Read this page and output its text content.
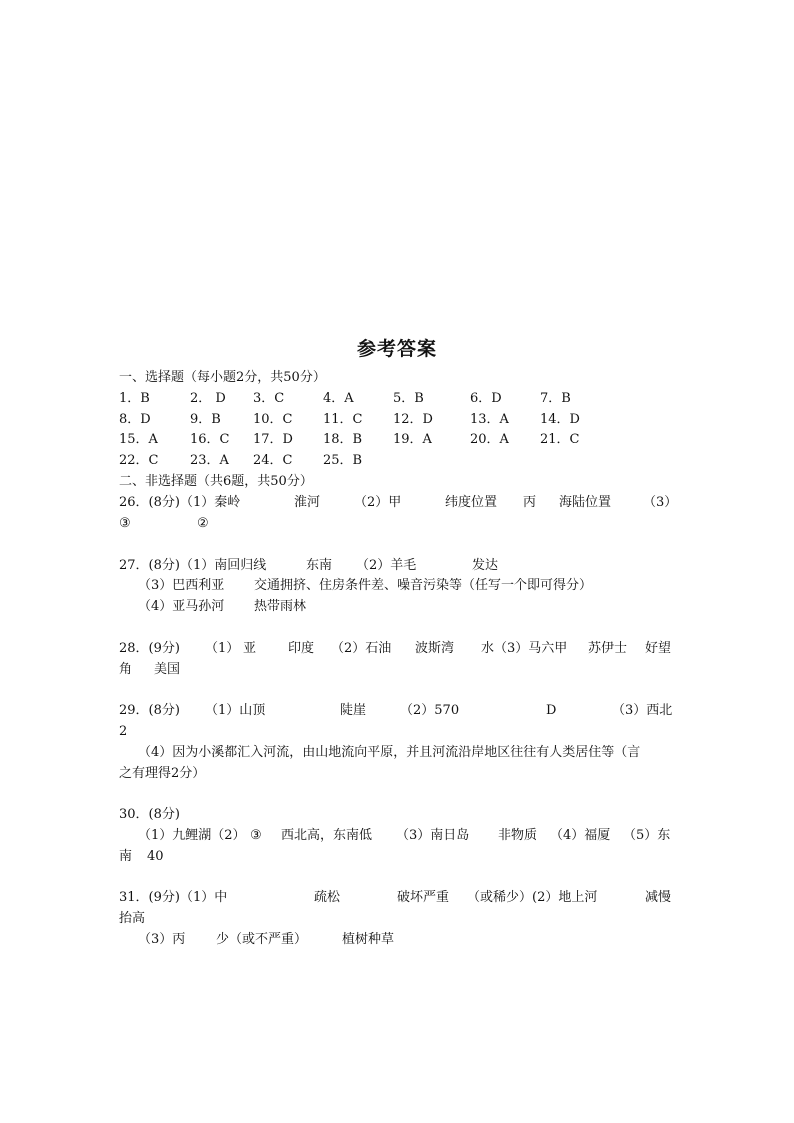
参考答案
一、选择题（每小题2分，共50分）
1．B	2． D 3．C	4．A	5．B	6．D	7．B
8．D	9．B 10．C 11．C 12．D	13．A 14．D
15．A 16．C 17．D 18．B 19．A	20．A 21．C
22．C 23．A 24．C 25．B
二、非选择题（共6题，共50分）
26．(8分)（1）秦岭	淮河	（2）甲	纬度位置 丙 海陆位置 （3）
③	②
27．(8分)（1）南回归线	东南 （2）羊毛	发达
（3）巴西利亚 交通拥挤、住房条件差、噪音污染等（任写一个即可得分）
（4）亚马孙河 热带雨林
28．(9分) （1） 亚 印度 （2）石油 波斯湾 水（3）马六甲 苏伊士 好望
角 美国
29．(8分) （1）山顶	陡崖	（2）570	D	（3）西北
2
（4）因为小溪都汇入河流，由山地流向平原，并且河流沿岸地区往往有人类居住等（言
之有理得2分）
30．(8分)
（1）九鲤湖（2） ③ 西北高，东南低 （3）南日岛 非物质 （4）福厦 （5）东
南 40
31．(9分)（1）中	疏松	破坏严重 （或稀少）(2）地上河	减慢
抬高
（3）丙 少（或不严重）	植树种草
